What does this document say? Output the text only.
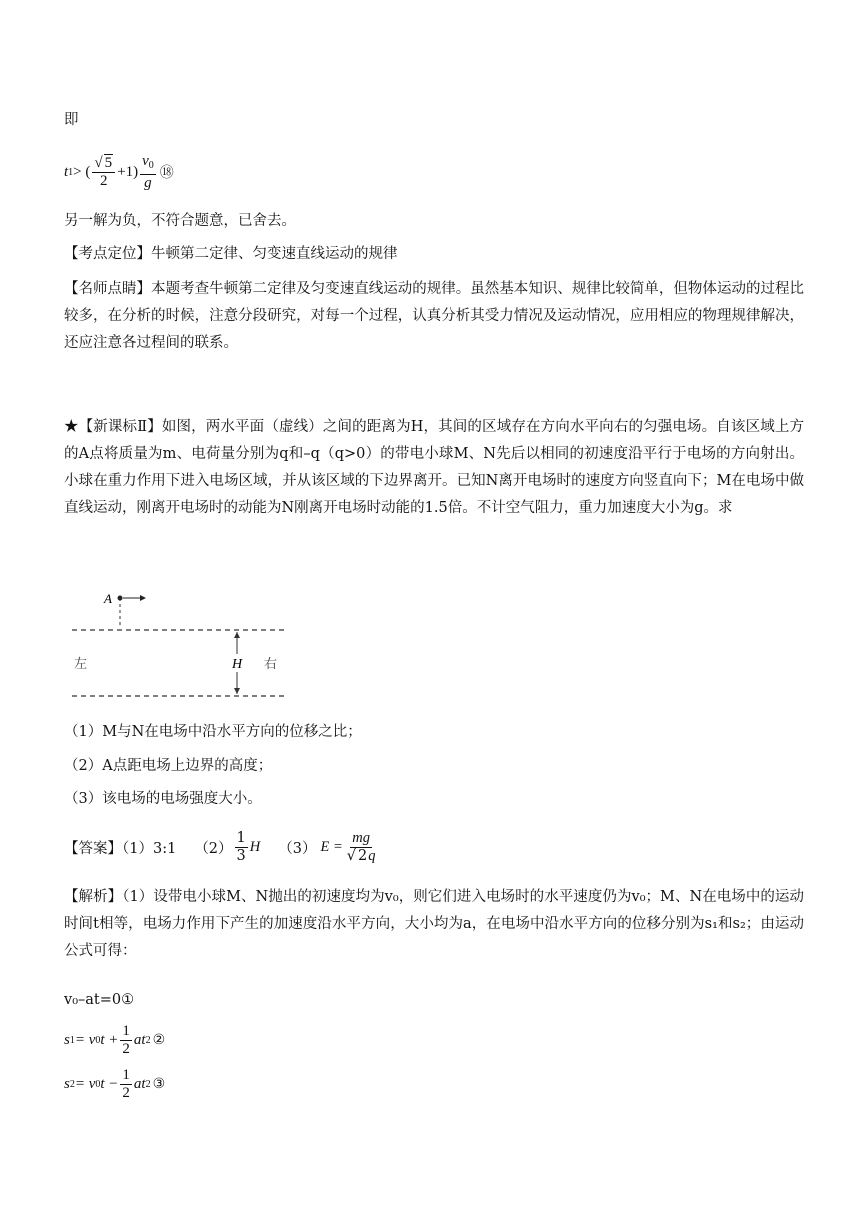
即
t 1 > ( $\frac{√ 5}{2} +1) \frac{v_0}{g}$ ⑱
另一解为负，不符合题意，已舍去。
【考点定位】牛顿第二定律、匀变速直线运动的规律
【名师点睛】本题考查牛顿第二定律及匀变速直线运动的规律。虽然基本知识、规律比较简单，但物体运动的过程比较多，在分析的时候，注意分段研究，对每一个过程，认真分析其受力情况及运动情况，应用相应的物理规律解决，还应注意各过程间的联系。
★【新课标Ⅱ】如图，两水平面（虚线）之间的距离为H，其间的区域存在方向水平向右的匀强电场。自该区域上方的A点将质量为m、电荷量分别为q和–q（q>0）的带电小球M、N先后以相同的初速度沿平行于电场的方向射出。小球在重力作用下进入电场区域，并从该区域的下边界离开。已知N离开电场时的速度方向竖直向下；M在电场中做直线运动，刚离开电场时的动能为N刚离开电场时动能的1.5倍。不计空气阻力，重力加速度大小为g。求
A
H
左	右
（1）M与N在电场中沿水平方向的位移之比；
（2）A点距电场上边界的高度；
（3）该电场的电场强度大小。
【答案】（1）3:1 $(2) \frac{1}{3}$ H （3） $E = \frac{mg}{√ 2q}$
【解析】（1）设带电小球M、N抛出的初速度均为v₀，则它们进入电场时的水平速度仍为v₀；M、N在电场中的运动时间t相等，电场力作用下产生的加速度沿水平方向，大小均为a，在电场中沿水平方向的位移分别为s₁和s₂；由运动公式可得：
v₀–at=0①
s 1 = v 0 $t + \frac{1}{2}$ at 2 ②
s 2 = v 0 $t - \frac{1}{2}$ at 2 ③
